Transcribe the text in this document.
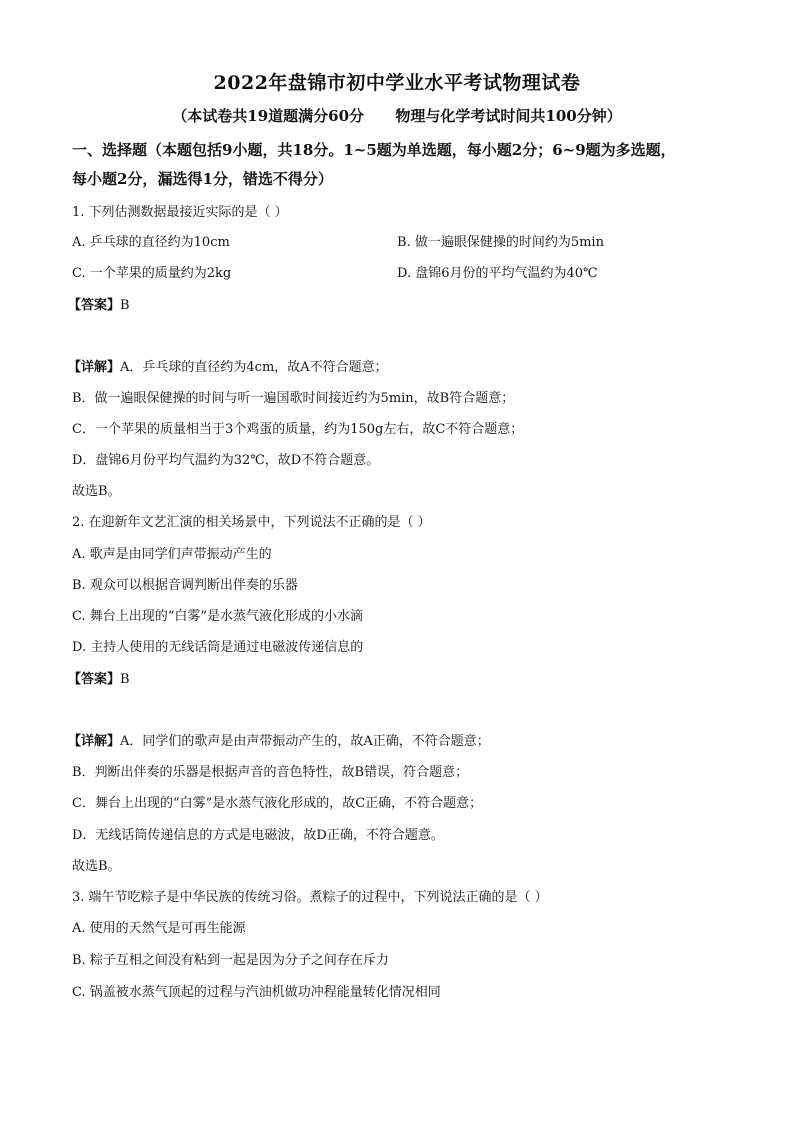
2022年盘锦市初中学业水平考试物理试卷
（本试卷共19道题满分60分      物理与化学考试时间共100分钟）
一、选择题（本题包括9小题，共18分。1~5题为单选题，每小题2分；6~9题为多选题，
每小题2分，漏选得1分，错选不得分）
1. 下列估测数据最接近实际的是（ ）
A. 乒乓球的直径约为10cm	B. 做一遍眼保健操的时间约为5min
C. 一个苹果的质量约为2kg	D. 盘锦6月份的平均气温约为40℃
【答案】B
【详解】A．乒乓球的直径约为4cm，故A不符合题意；
B．做一遍眼保健操的时间与听一遍国歌时间接近约为5min，故B符合题意；
C．一个苹果的质量相当于3个鸡蛋的质量，约为150g左右，故C不符合题意；
D．盘锦6月份平均气温约为32℃，故D不符合题意。
故选B。
2. 在迎新年文艺汇演的相关场景中，下列说法不正确的是（ ）
A. 歌声是由同学们声带振动产生的
B. 观众可以根据音调判断出伴奏的乐器
C. 舞台上出现的“白雾”是水蒸气液化形成的小水滴
D. 主持人使用的无线话筒是通过电磁波传递信息的
【答案】B
【详解】A．同学们的歌声是由声带振动产生的，故A正确，不符合题意；
B．判断出伴奏的乐器是根据声音的音色特性，故B错误，符合题意；
C．舞台上出现的“白雾”是水蒸气液化形成的，故C正确，不符合题意；
D．无线话筒传递信息的方式是电磁波，故D正确，不符合题意。
故选B。
3. 端午节吃粽子是中华民族的传统习俗。煮粽子的过程中，下列说法正确的是（ ）
A. 使用的天然气是可再生能源
B. 粽子互相之间没有粘到一起是因为分子之间存在斥力
C. 锅盖被水蒸气顶起的过程与汽油机做功冲程能量转化情况相同
